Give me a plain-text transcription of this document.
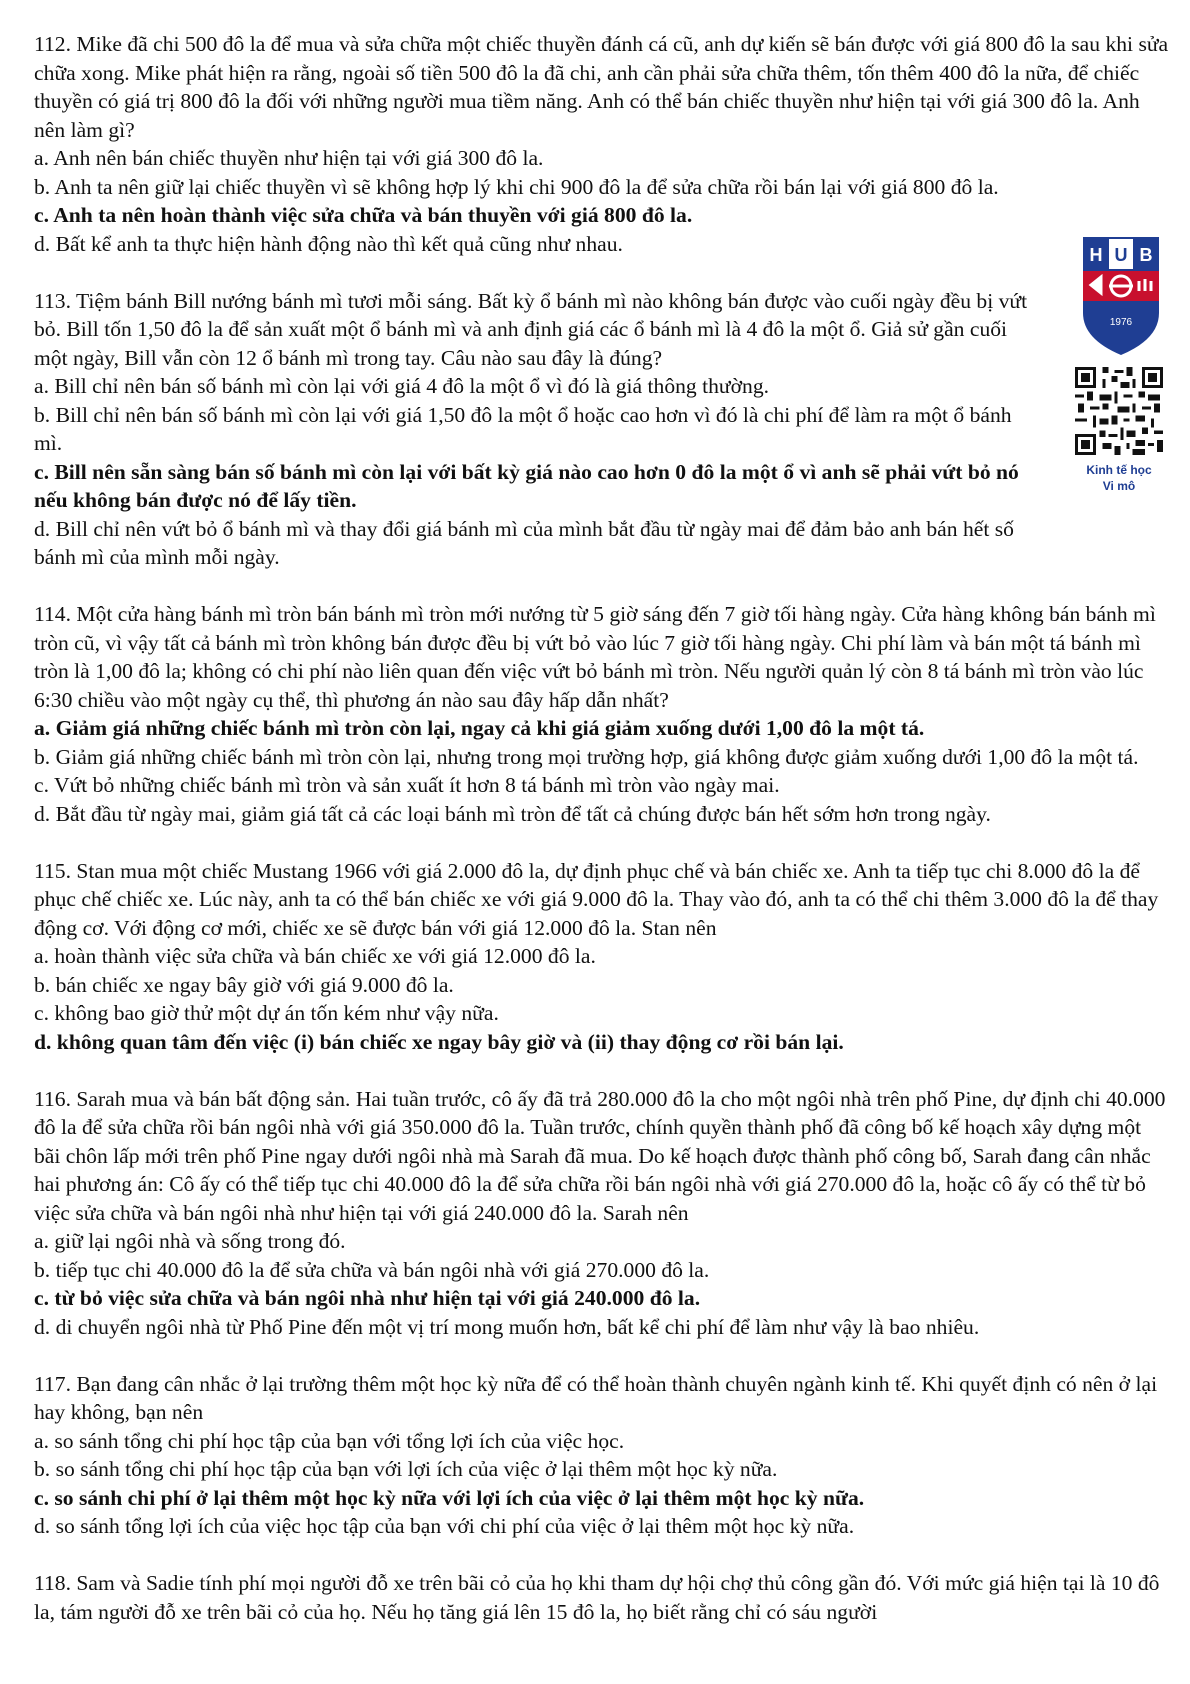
112. Mike đã chi 500 đô la để mua và sửa chữa một chiếc thuyền đánh cá cũ, anh dự kiến sẽ bán được với giá 800 đô la sau khi sửa chữa xong. Mike phát hiện ra rằng, ngoài số tiền 500 đô la đã chi, anh cần phải sửa chữa thêm, tốn thêm 400 đô la nữa, để chiếc thuyền có giá trị 800 đô la đối với những người mua tiềm năng. Anh có thể bán chiếc thuyền như hiện tại với giá 300 đô la. Anh nên làm gì?
a. Anh nên bán chiếc thuyền như hiện tại với giá 300 đô la.
b. Anh ta nên giữ lại chiếc thuyền vì sẽ không hợp lý khi chi 900 đô la để sửa chữa rồi bán lại với giá 800 đô la.
c. Anh ta nên hoàn thành việc sửa chữa và bán thuyền với giá 800 đô la.
d. Bất kể anh ta thực hiện hành động nào thì kết quả cũng như nhau.
113. Tiệm bánh Bill nướng bánh mì tươi mỗi sáng. Bất kỳ ổ bánh mì nào không bán được vào cuối ngày đều bị vứt bỏ. Bill tốn 1,50 đô la để sản xuất một ổ bánh mì và anh định giá các ổ bánh mì là 4 đô la một ổ. Giả sử gần cuối một ngày, Bill vẫn còn 12 ổ bánh mì trong tay. Câu nào sau đây là đúng?
a. Bill chỉ nên bán số bánh mì còn lại với giá 4 đô la một ổ vì đó là giá thông thường.
b. Bill chỉ nên bán số bánh mì còn lại với giá 1,50 đô la một ổ hoặc cao hơn vì đó là chi phí để làm ra một ổ bánh mì.
c. Bill nên sẵn sàng bán số bánh mì còn lại với bất kỳ giá nào cao hơn 0 đô la một ổ vì anh sẽ phải vứt bỏ nó nếu không bán được nó để lấy tiền.
d. Bill chỉ nên vứt bỏ ổ bánh mì và thay đổi giá bánh mì của mình bắt đầu từ ngày mai để đảm bảo anh bán hết số bánh mì của mình mỗi ngày.
114. Một cửa hàng bánh mì tròn bán bánh mì tròn mới nướng từ 5 giờ sáng đến 7 giờ tối hàng ngày. Cửa hàng không bán bánh mì tròn cũ, vì vậy tất cả bánh mì tròn không bán được đều bị vứt bỏ vào lúc 7 giờ tối hàng ngày. Chi phí làm và bán một tá bánh mì tròn là 1,00 đô la; không có chi phí nào liên quan đến việc vứt bỏ bánh mì tròn. Nếu người quản lý còn 8 tá bánh mì tròn vào lúc 6:30 chiều vào một ngày cụ thể, thì phương án nào sau đây hấp dẫn nhất?
a. Giảm giá những chiếc bánh mì tròn còn lại, ngay cả khi giá giảm xuống dưới 1,00 đô la một tá.
b. Giảm giá những chiếc bánh mì tròn còn lại, nhưng trong mọi trường hợp, giá không được giảm xuống dưới 1,00 đô la một tá.
c. Vứt bỏ những chiếc bánh mì tròn và sản xuất ít hơn 8 tá bánh mì tròn vào ngày mai.
d. Bắt đầu từ ngày mai, giảm giá tất cả các loại bánh mì tròn để tất cả chúng được bán hết sớm hơn trong ngày.
115. Stan mua một chiếc Mustang 1966 với giá 2.000 đô la, dự định phục chế và bán chiếc xe. Anh ta tiếp tục chi 8.000 đô la để phục chế chiếc xe. Lúc này, anh ta có thể bán chiếc xe với giá 9.000 đô la. Thay vào đó, anh ta có thể chi thêm 3.000 đô la để thay động cơ. Với động cơ mới, chiếc xe sẽ được bán với giá 12.000 đô la. Stan nên
a. hoàn thành việc sửa chữa và bán chiếc xe với giá 12.000 đô la.
b. bán chiếc xe ngay bây giờ với giá 9.000 đô la.
c. không bao giờ thử một dự án tốn kém như vậy nữa.
d. không quan tâm đến việc (i) bán chiếc xe ngay bây giờ và (ii) thay động cơ rồi bán lại.
116. Sarah mua và bán bất động sản. Hai tuần trước, cô ấy đã trả 280.000 đô la cho một ngôi nhà trên phố Pine, dự định chi 40.000 đô la để sửa chữa rồi bán ngôi nhà với giá 350.000 đô la. Tuần trước, chính quyền thành phố đã công bố kế hoạch xây dựng một bãi chôn lấp mới trên phố Pine ngay dưới ngôi nhà mà Sarah đã mua. Do kế hoạch được thành phố công bố, Sarah đang cân nhắc hai phương án: Cô ấy có thể tiếp tục chi 40.000 đô la để sửa chữa rồi bán ngôi nhà với giá 270.000 đô la, hoặc cô ấy có thể từ bỏ việc sửa chữa và bán ngôi nhà như hiện tại với giá 240.000 đô la. Sarah nên
a. giữ lại ngôi nhà và sống trong đó.
b. tiếp tục chi 40.000 đô la để sửa chữa và bán ngôi nhà với giá 270.000 đô la.
c. từ bỏ việc sửa chữa và bán ngôi nhà như hiện tại với giá 240.000 đô la.
d. di chuyển ngôi nhà từ Phố Pine đến một vị trí mong muốn hơn, bất kể chi phí để làm như vậy là bao nhiêu.
117. Bạn đang cân nhắc ở lại trường thêm một học kỳ nữa để có thể hoàn thành chuyên ngành kinh tế. Khi quyết định có nên ở lại hay không, bạn nên
a. so sánh tổng chi phí học tập của bạn với tổng lợi ích của việc học.
b. so sánh tổng chi phí học tập của bạn với lợi ích của việc ở lại thêm một học kỳ nữa.
c. so sánh chi phí ở lại thêm một học kỳ nữa với lợi ích của việc ở lại thêm một học kỳ nữa.
d. so sánh tổng lợi ích của việc học tập của bạn với chi phí của việc ở lại thêm một học kỳ nữa.
118. Sam và Sadie tính phí mọi người đỗ xe trên bãi cỏ của họ khi tham dự hội chợ thủ công gần đó. Với mức giá hiện tại là 10 đô la, tám người đỗ xe trên bãi cỏ của họ. Nếu họ tăng giá lên 15 đô la, họ biết rằng chỉ có sáu người
H U B
1976
Kinh tế học
Vi mô
